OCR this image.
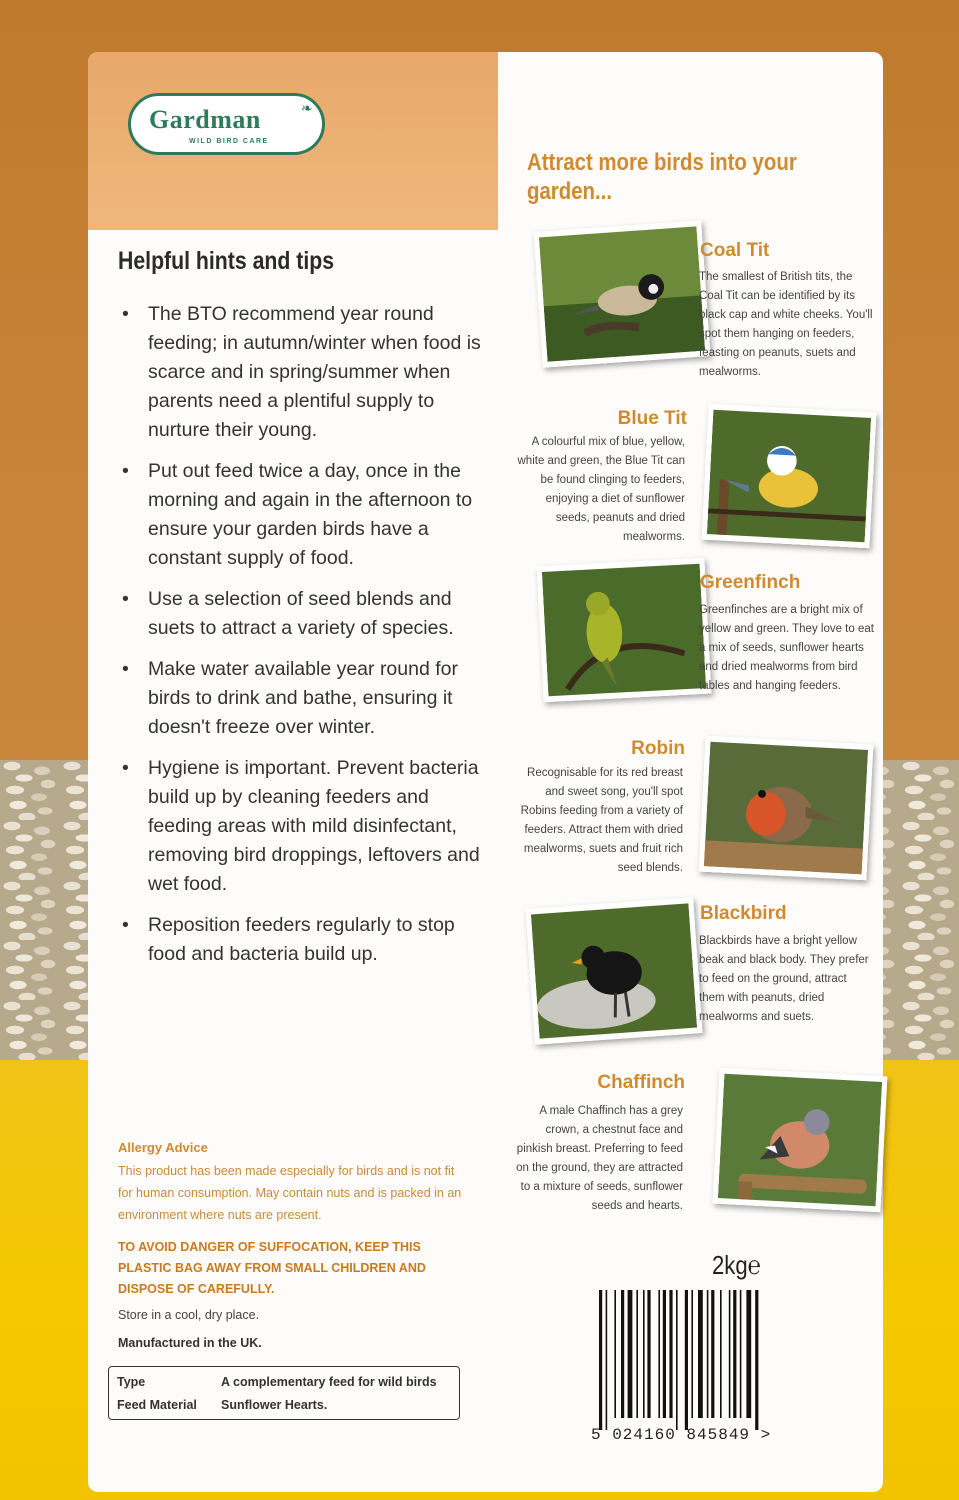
Gardman	❧
WILD BIRD CARE
Helpful hints and tips
• The BTO recommend year round feeding; in autumn/winter when food is scarce and in spring/summer when parents need a plentiful supply to nurture their young.
• Put out feed twice a day, once in the morning and again in the afternoon to ensure your garden birds have a constant supply of food.
• Use a selection of seed blends and suets to attract a variety of species.
• Make water available year round for birds to drink and bathe, ensuring it doesn't freeze over winter.
• Hygiene is important. Prevent bacteria build up by cleaning feeders and feeding areas with mild disinfectant, removing bird droppings, leftovers and wet food.
• Reposition feeders regularly to stop food and bacteria build up.
Attract more birds into your garden...
Coal Tit
The smallest of British tits, the Coal Tit can be identified by its black cap and white cheeks. You'll spot them hanging on feeders, feasting on peanuts, suets and mealworms.
Blue Tit
A colourful mix of blue, yellow, white and green, the Blue Tit can be found clinging to feeders, enjoying a diet of sunflower seeds, peanuts and dried mealworms.
Greenfinch
Greenfinches are a bright mix of yellow and green. They love to eat a mix of seeds, sunflower hearts and dried mealworms from bird tables and hanging feeders.
Robin
Recognisable for its red breast and sweet song, you'll spot Robins feeding from a variety of feeders. Attract them with dried mealworms, suets and fruit rich seed blends.
Blackbird
Blackbirds have a bright yellow beak and black body. They prefer to feed on the ground, attract them with peanuts, dried mealworms and suets.
Chaffinch
A male Chaffinch has a grey crown, a chestnut face and pinkish breast. Preferring to feed on the ground, they are attracted to a mixture of seeds, sunflower seeds and hearts.
Allergy Advice
This product has been made especially for birds and is not fit for human consumption. May contain nuts and is packed in an environment where nuts are present.
TO AVOID DANGER OF SUFFOCATION, KEEP THIS PLASTIC BAG AWAY FROM SMALL CHILDREN AND DISPOSE OF CAREFULLY.
Store in a cool, dry place.
Manufactured in the UK.
Type	A complementary feed for wild birds
Feed Material Sunflower Hearts.
2kg℮
5 024160 845849 >
